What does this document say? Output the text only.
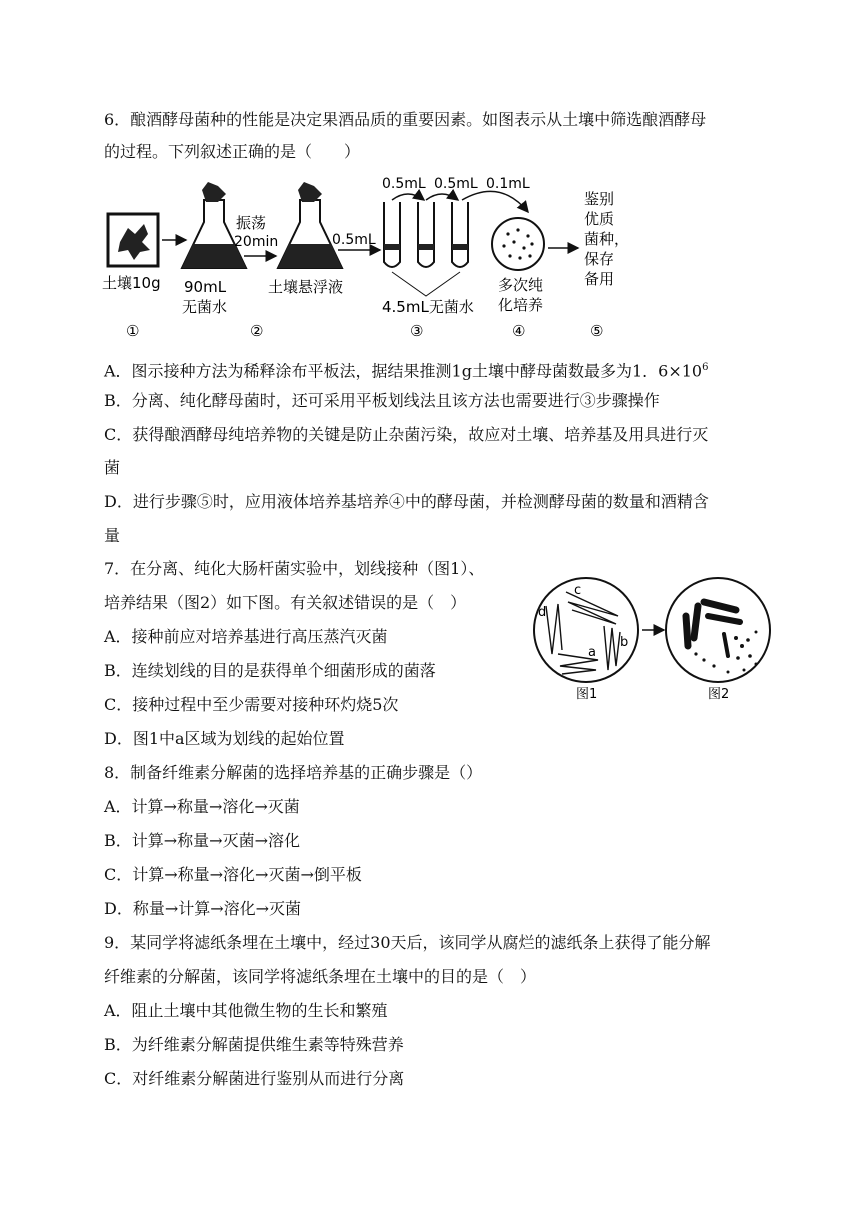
6．酿酒酵母菌种的性能是决定果酒品质的重要因素。如图表示从土壤中筛选酿酒酵母
的过程。下列叙述正确的是（　　）
土壤10g 90mL
无菌水
振荡
20min
土壤悬浮液
0.5mL
0.5mL 0.5mL 0.1mL
4.5mL无菌水
多次纯
化培养
鉴别
优质
菌种，
保存
备用
①	②	③	④	⑤
A．图示接种方法为稀释涂布平板法，据结果推测1g土壤中酵母菌数最多为1．$6\times 10^6$
B．分离、纯化酵母菌时，还可采用平板划线法且该方法也需要进行③步骤操作
C．获得酿酒酵母纯培养物的关键是防止杂菌污染，故应对土壤、培养基及用具进行灭
菌
D．进行步骤⑤时，应用液体培养基培养④中的酵母菌，并检测酵母菌的数量和酒精含
量
7．在分离、纯化大肠杆菌实验中，划线接种（图1）、
培养结果（图2）如下图。有关叙述错误的是（　）
A．接种前应对培养基进行高压蒸汽灭菌
B．连续划线的目的是获得单个细菌形成的菌落
C．接种过程中至少需要对接种环灼烧5次
D．图1中a区域为划线的起始位置
d
c
b
a
图1	图2
8．制备纤维素分解菌的选择培养基的正确步骤是（）
A．计算→称量→溶化→灭菌
B．计算→称量→灭菌→溶化
C．计算→称量→溶化→灭菌→倒平板
D．称量→计算→溶化→灭菌
9．某同学将滤纸条埋在土壤中，经过30天后，该同学从腐烂的滤纸条上获得了能分解
纤维素的分解菌，该同学将滤纸条埋在土壤中的目的是（　）
A．阻止土壤中其他微生物的生长和繁殖
B．为纤维素分解菌提供维生素等特殊营养
C．对纤维素分解菌进行鉴别从而进行分离
